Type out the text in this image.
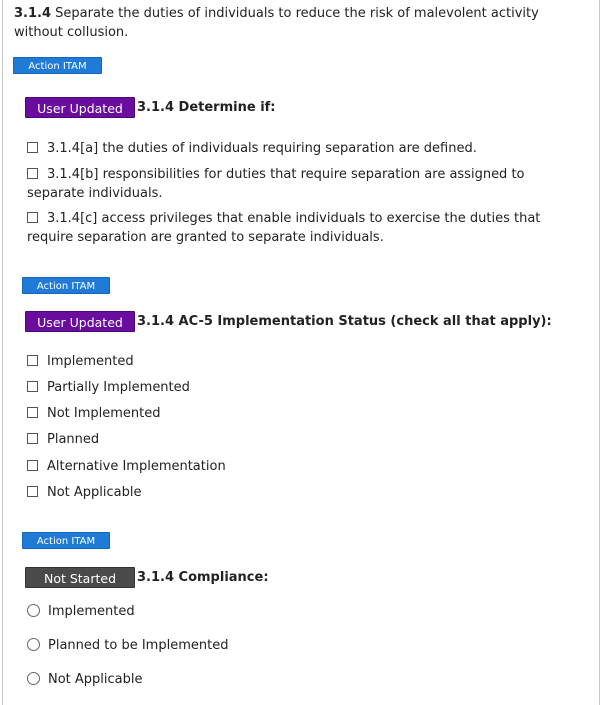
3.1.4 Separate the duties of individuals to reduce the risk of malevolent activity without collusion.
Action ITAM
User Updated	3.1.4 Determine if:
3.1.4[a] the duties of individuals requiring separation are defined.
3.1.4[b] responsibilities for duties that require separation are assigned to separate individuals.
3.1.4[c] access privileges that enable individuals to exercise the duties that require separation are granted to separate individuals.
Action ITAM
User Updated	3.1.4 AC-5 Implementation Status (check all that apply):
Implemented
Partially Implemented
Not Implemented
Planned
Alternative Implementation
Not Applicable
Action ITAM
Not Started	3.1.4 Compliance:
Implemented
Planned to be Implemented
Not Applicable
